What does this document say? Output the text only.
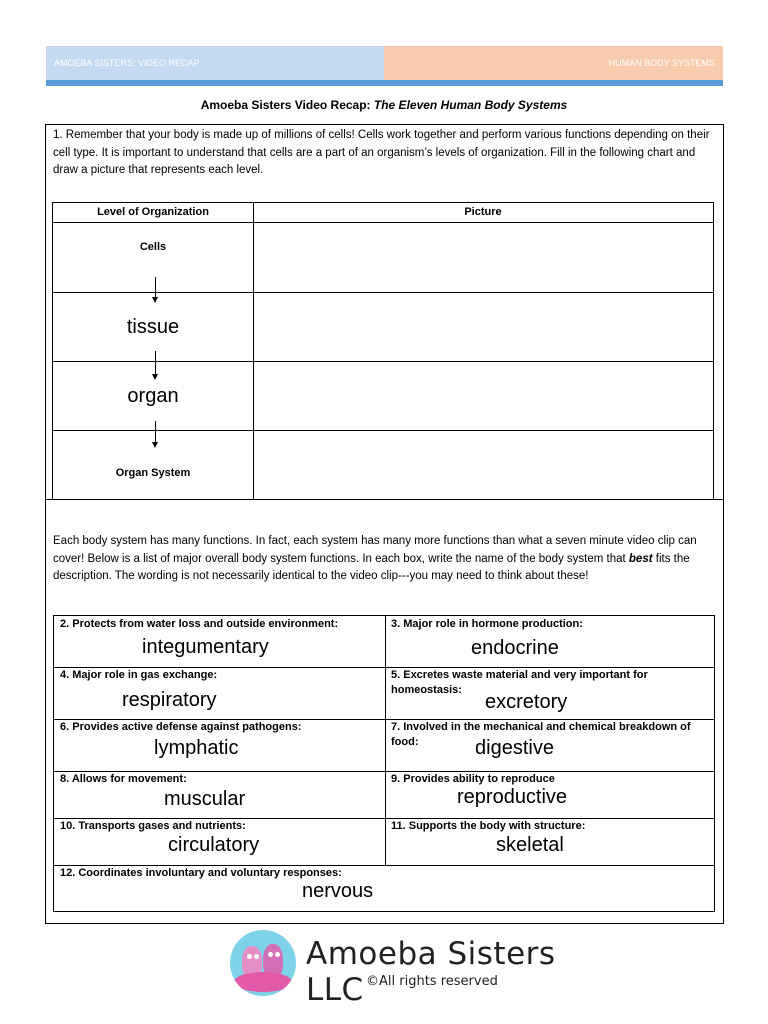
AMOEBA SISTERS: VIDEO RECAP	HUMAN BODY SYSTEMS
Amoeba Sisters Video Recap: The Eleven Human Body Systems
1. Remember that your body is made up of millions of cells! Cells work together and perform various functions depending on their cell type. It is important to understand that cells are a part of an organism’s levels of organization. Fill in the following chart and draw a picture that represents each level.
Level of Organization	Picture
Cells
tissue
organ
Organ System
Each body system has many functions. In fact, each system has many more functions than what a seven minute video clip can cover! Below is a list of major overall body system functions. In each box, write the name of the body system that best fits the description. The wording is not necessarily identical to the video clip---you may need to think about these!
2. Protects from water loss and outside environment:
integumentary
3. Major role in hormone production:
endocrine
4. Major role in gas exchange:
respiratory
5. Excretes waste material and very important for homeostasis:
excretory
6. Provides active defense against pathogens:
lymphatic
7. Involved in the mechanical and chemical breakdown of food:	digestive
8. Allows for movement:
muscular
9. Provides ability to reproduce
reproductive
10. Transports gases and nutrients:
circulatory
11. Supports the body with structure:
skeletal
12. Coordinates involuntary and voluntary responses:
nervous
Amoeba Sisters LLC ©All rights reserved
